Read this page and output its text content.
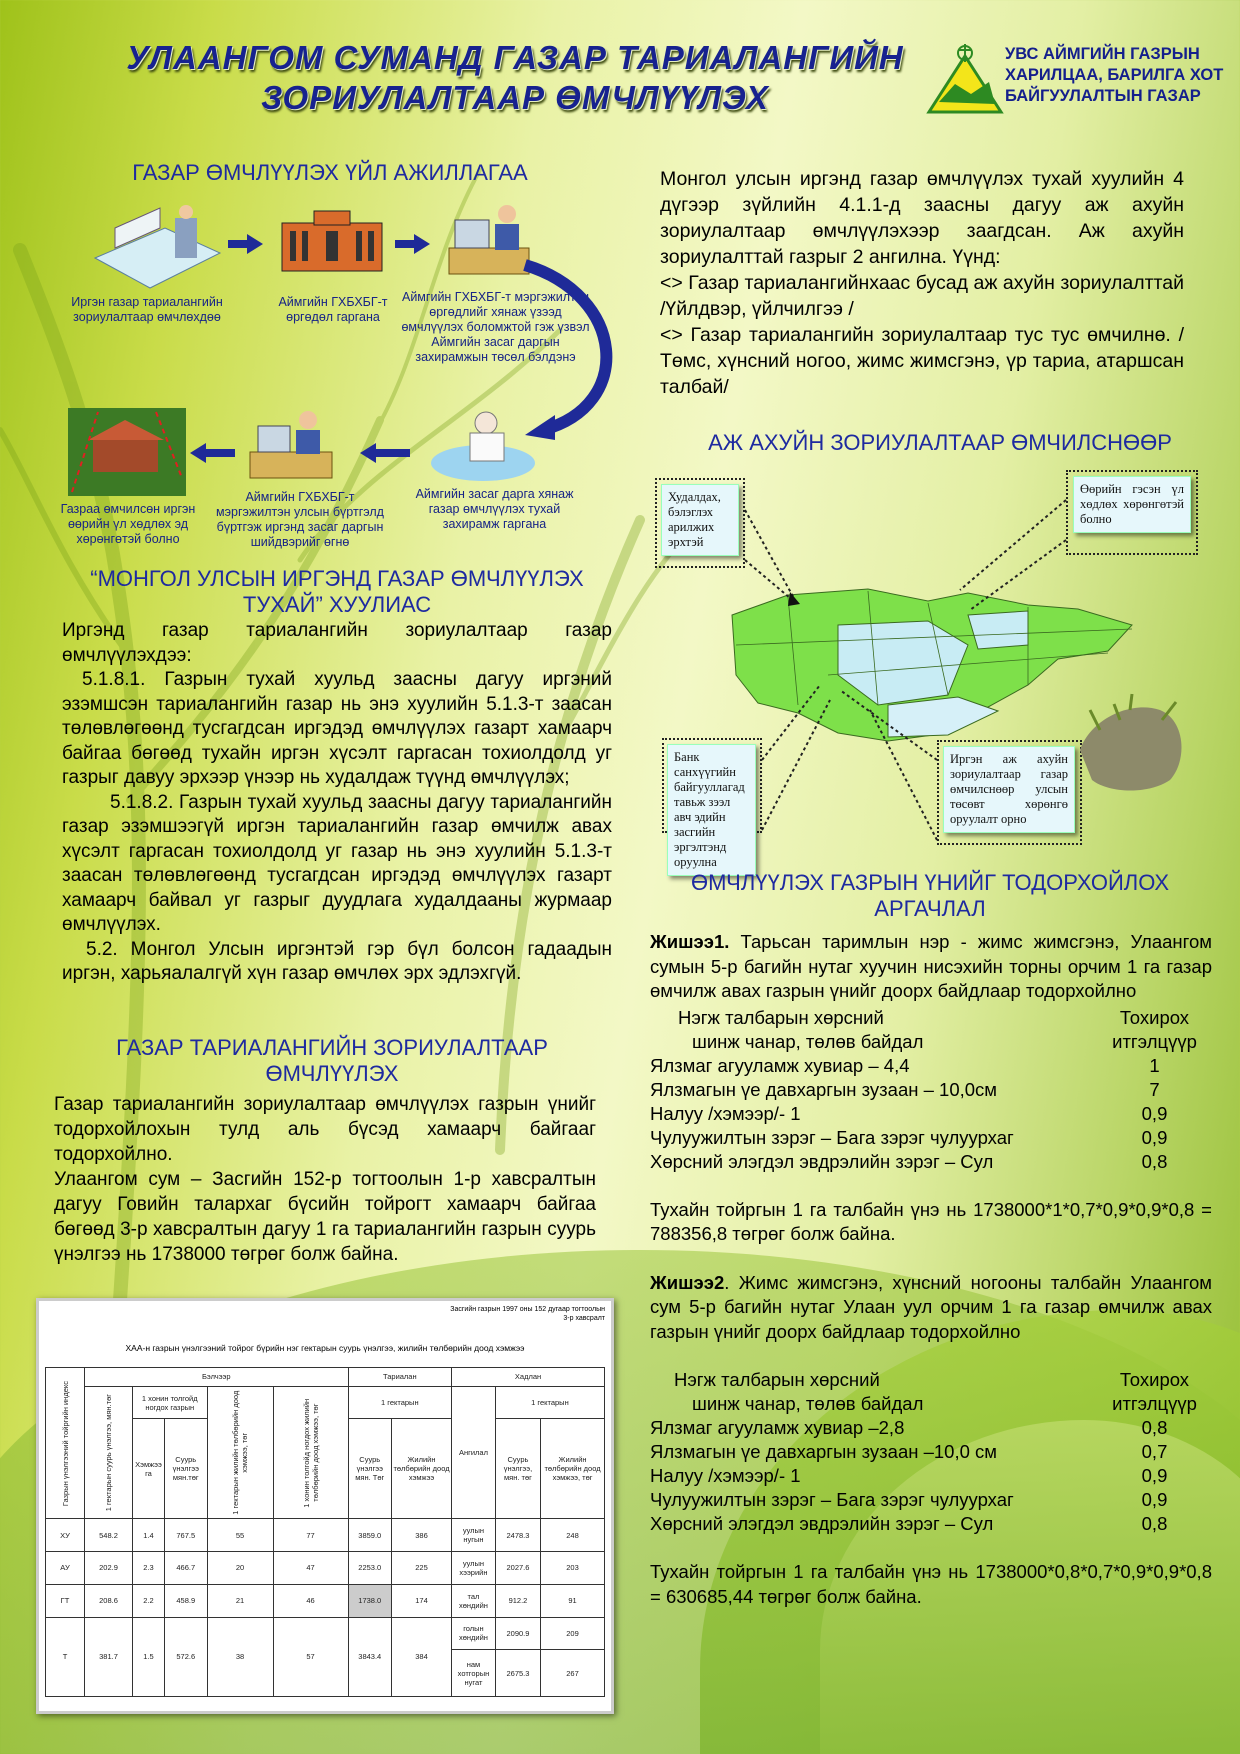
УЛААНГОМ СУМАНД ГАЗАР ТАРИАЛАНГИЙН
ЗОРИУЛАЛТААР ӨМЧЛҮҮЛЭХ
УВС АЙМГИЙН ГАЗРЫН
ХАРИЛЦАА, БАРИЛГА ХОТ
БАЙГУУЛАЛТЫН ГАЗАР
ГАЗАР ӨМЧЛҮҮЛЭХ ҮЙЛ АЖИЛЛАГАА
Иргэн газар тариалангийн зориулалтаар өмчлөхдөө
Аймгийн ГХБХБГ-т өргөдөл гаргана
Аймгийн ГХБХБГ-т мэргэжилтэн өргөдлийг хянаж үзээд өмчлүүлэх боломжтой гэж үзвэл Аймгийн засаг даргын захирамжын төсөл бэлдэнэ
Газраа өмчилсөн иргэн өөрийн үл хөдлөх эд хөрөнгөтэй болно
Аймгийн ГХБХБГ-т мэргэжилтэн улсын бүртгэлд бүртгэж иргэнд засаг даргын шийдвэрийг өгнө
Аймгийн засаг дарга хянаж газар өмчлүүлэх тухай захирамж гаргана
“МОНГОЛ УЛСЫН ИРГЭНД ГАЗАР ӨМЧЛҮҮЛЭХ ТУХАЙ” ХУУЛИАС
Иргэнд газар тариалангийн зориулалтаар газар өмчлүүлэхдээ:
5.1.8.1. Газрын тухай хуульд заасны дагуу иргэний эзэмшсэн тариалангийн газар нь энэ хуулийн 5.1.3-т заасан төлөвлөгөөнд тусгагдсан иргэдэд өмчлүүлэх газарт хамаарч байгаа бөгөөд тухайн иргэн хүсэлт гаргасан тохиолдолд уг газрыг давуу эрхээр үнээр нь худалдаж түүнд өмчлүүлэх;
5.1.8.2. Газрын тухай хуульд заасны дагуу тариалангийн газар эзэмшээгүй иргэн тариалангийн газар өмчилж авах хүсэлт гаргасан тохиолдолд уг газар нь энэ хуулийн 5.1.3-т заасан төлөвлөгөөнд тусгагдсан иргэдэд өмчлүүлэх газарт хамаарч байвал уг газрыг дуудлага худалдааны журмаар өмчлүүлэх.
5.2. Монгол Улсын иргэнтэй гэр бүл болсон гадаадын иргэн, харьяалалгүй хүн газар өмчлөх эрх эдлэхгүй.
ГАЗАР ТАРИАЛАНГИЙН ЗОРИУЛАЛТААР ӨМЧЛҮҮЛЭХ
Газар тариалангийн зориулалтаар өмчлүүлэх газрын үнийг тодорхойлохын тулд аль бүсэд хамаарч байгааг тодорхойлно.
Улаангом сум – Засгийн 152-р тогтоолын 1-р хавсралтын дагуу Говийн талархаг бүсийн тойрогт хамаарч байгаа бөгөөд 3-р хавсралтын дагуу 1 га тариалангийн газрын суурь үнэлгээ нь 1738000 төгрөг болж байна.
Засгийн газрын 1997 оны 152 дугаар тогтоолын 3-р хавсралт
ХАА-н газрын үнэлгээний тойрог бүрийн нэг гектарын суурь үнэлгээ, жилийн төлбөрийн доод хэмжээ
Газрын үнэлгээний тойргийн индекс	Бэлчээр					Тариалан		Хадлан		

	1 гектарын суурь үнэлгээ, мян.төг	1 хонин толгойд ногдох газрын		1 гектарын жилийн төлбөрийн доод хэмжээ, төг	1 хонин толгойд ногдох жилийн төлбөрийн доод хэмжээ, төг	1 гектарын		Ангилал	1 гектарын	
		Хэмжээ га	Суурь үнэлгээ мян.төг			Суурь үнэлгээ мян. Төг	Жилийн төлбөрийн доод хэмжээ		Суурь үнэлгээ, мян. төг	Жилийн төлбөрийн доод хэмжээ, төг
ХУ	548.2	1.4	767.5	55	77	3859.0	386	уулын нугын	2478.3	248
АУ	202.9	2.3	466.7	20	47	2253.0	225	уулын хээрийн	2027.6	203
ГТ	208.6	2.2	458.9	21	46	1738.0	174	тал хөндийн	912.2	91
Т	381.7	1.5	572.6	38	57	3843.4	384	голын хөндийн	2090.9	209
								нам хотгорын нугат	2675.3	267
Монгол улсын иргэнд газар өмчлүүлэх тухай хуулийн 4 дүгээр зүйлийн 4.1.1-д заасны дагуу аж ахуйн зориулалтаар өмчлүүлэхээр заагдсан. Аж ахуйн зориулалттай газрыг 2 ангилна. Үүнд:
<> Газар тариалангийнхаас бусад аж ахуйн зориулалттай /Үйлдвэр, үйлчилгээ /
<> Газар тариалангийн зориулалтаар тус тус өмчилнө. /Төмс, хүнсний ногоо, жимс жимсгэнэ, үр тариа, атаршсан талбай/
АЖ АХУЙН ЗОРИУЛАЛТААР ӨМЧИЛСНӨӨР
Худалдах, бэлэглэх арилжих эрхтэй
Өөрийн гэсэн үл хөдлөх хөрөнгөтэй болно
Банк санхүүгийн байгууллагад тавьж зээл авч эдийн засгийн эргэлтэнд оруулна
Иргэн аж ахуйн зориулалтаар газар өмчилснөөр улсын төсөвт хөрөнгө оруулалт орно
ӨМЧЛҮҮЛЭХ ГАЗРЫН ҮНИЙГ ТОДОРХОЙЛОХ АРГАЧЛАЛ
Жишээ1. Тарьсан таримлын нэр - жимс жимсгэнэ, Улаангом сумын 5-р багийн нутаг хуучин нисэхийн торны орчим 1 га газар өмчилж авах газрын үнийг доорх байдлаар тодорхойлно
Нэгж талбарын хөрсний
шинж чанар, төлөв байдал
Тохирох
итгэлцүүр
Ялзмаг агууламж хувиар – 4,4	1
Ялзмагын үе давхаргын зузаан – 10,0см	7
Налуу /хэмээр/- 1	0,9
Чулуужилтын зэрэг – Бага зэрэг чулуурхаг	0,9
Хөрсний элэгдэл эвдрэлийн зэрэг – Сул	0,8
Тухайн тойргын 1 га талбайн үнэ нь 1738000*1*0,7*0,9*0,9*0,8 = 788356,8 төгрөг болж байна.
Жишээ2. Жимс жимсгэнэ, хүнсний ногооны талбайн Улаангом сум 5-р багийн нутаг Улаан уул орчим 1 га газар өмчилж авах газрын үнийг доорх байдлаар тодорхойлно
Нэгж талбарын хөрсний
шинж чанар, төлөв байдал
Тохирох
итгэлцүүр
Ялзмаг агууламж хувиар –2,8	0,8
Ялзмагын үе давхаргын зузаан –10,0 см	0,7
Налуу /хэмээр/- 1	0,9
Чулуужилтын зэрэг – Бага зэрэг чулуурхаг	0,9
Хөрсний элэгдэл эвдрэлийн зэрэг – Сул	0,8
Тухайн тойргын 1 га талбайн үнэ нь 1738000*0,8*0,7*0,9*0,9*0,8 = 630685,44 төгрөг болж байна.
